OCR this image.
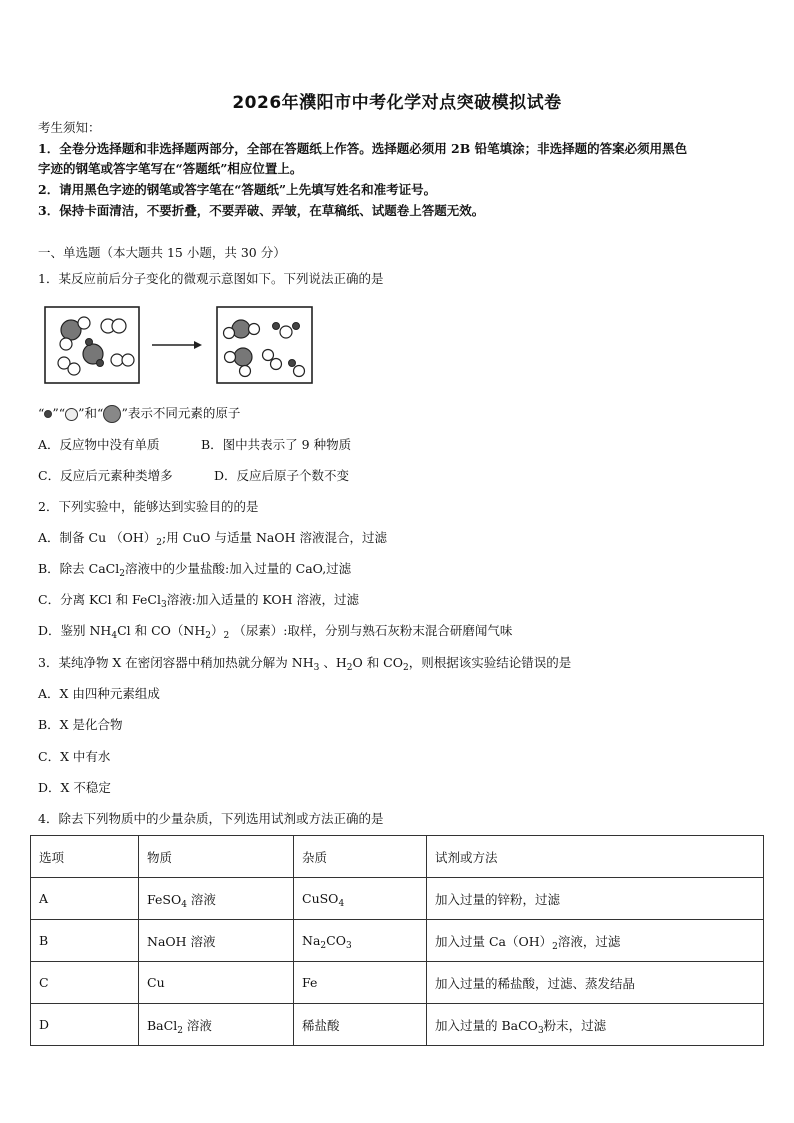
2026年濮阳市中考化学对点突破模拟试卷
考生须知：
1．全卷分选择题和非选择题两部分，全部在答题纸上作答。选择题必须用 2B 铅笔填涂；非选择题的答案必须用黑色
字迹的钢笔或答字笔写在“答题纸”相应位置上。
2．请用黑色字迹的钢笔或答字笔在“答题纸”上先填写姓名和准考证号。
3．保持卡面清洁，不要折叠，不要弄破、弄皱，在草稿纸、试题卷上答题无效。
一、单选题（本大题共 15 小题，共 30 分）
1．某反应前后分子变化的微观示意图如下。下列说法正确的是
“ ”“ ”和“ ”表示不同元素的原子
A．反应物中没有单质	B．图中共表示了 9 种物质
C．反应后元素种类增多	D．反应后原子个数不变
2．下列实验中，能够达到实验目的的是
A．制备 Cu $(OH)_2$;用 CuO 与适量 NaOH 溶液混合，过滤
B．除去 CaCl$_2$溶液中的少量盐酸:加入过量的 CaO,过滤
C．分离 KCl 和 FeCl$_3$溶液:加入适量的 KOH 溶液，过滤
D．鉴别 $NH_4Cl$ 和 $CO(NH_2)_2$ （尿素）:取样，分别与熟石灰粉末混合研磨闻气味
3．某纯净物 X 在密闭容器中稍加热就分解为 $NH_3$ 、$H_2O$ 和 $CO_2$，则根据该实验结论错误的是
A．X 由四种元素组成
B．X 是化合物
C．X 中有水
D．X 不稳定
4．除去下列物质中的少量杂质，下列选用试剂或方法正确的是
选项	物质	杂质	试剂或方法
A	FeSO$_4$ 溶液	CuSO$_4$	加入过量的锌粉，过滤
B	NaOH 溶液	$Na_2CO_3$	加入过量 $Ca(OH)_2$溶液，过滤
C	Cu	Fe	加入过量的稀盐酸，过滤、蒸发结晶
D	BaCl$_2$ 溶液	稀盐酸	加入过量的 BaCO$_3$粉末，过滤
